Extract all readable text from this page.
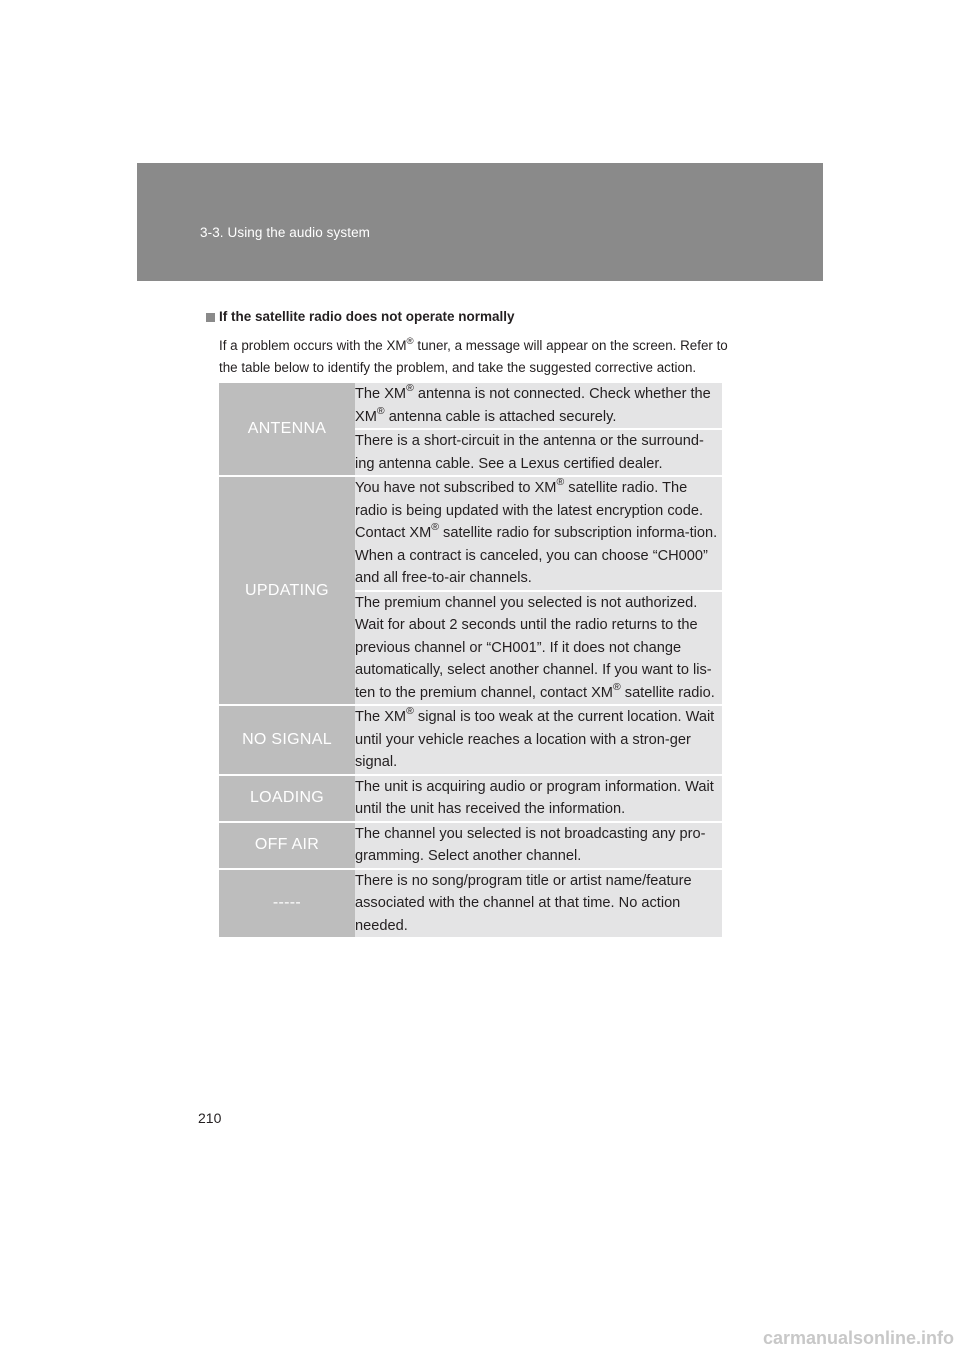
3-3. Using the audio system
If the satellite radio does not operate normally
If a problem occurs with the XM® tuner, a message will appear on the screen. Refer to the table below to identify the problem, and take the suggested corrective action.
ANTENNA	The XM® antenna is not connected. Check whether the XM® antenna cable is attached securely.
	There is a short-circuit in the antenna or the surround-ing antenna cable. See a Lexus certified dealer.
UPDATING	You have not subscribed to XM® satellite radio. The radio is being updated with the latest encryption code. Contact XM® satellite radio for subscription informa-tion. When a contract is canceled, you can choose “CH000” and all free-to-air channels.
	The premium channel you selected is not authorized. Wait for about 2 seconds until the radio returns to the previous channel or “CH001”. If it does not change automatically, select another channel. If you want to lis-ten to the premium channel, contact XM® satellite radio.
NO SIGNAL	The XM® signal is too weak at the current location. Wait until your vehicle reaches a location with a stron-ger signal.
LOADING	The unit is acquiring audio or program information. Wait until the unit has received the information.
OFF AIR	The channel you selected is not broadcasting any pro-gramming. Select another channel.
-----	There is no song/program title or artist name/feature associated with the channel at that time. No action needed.
210
carmanualsonline.info
